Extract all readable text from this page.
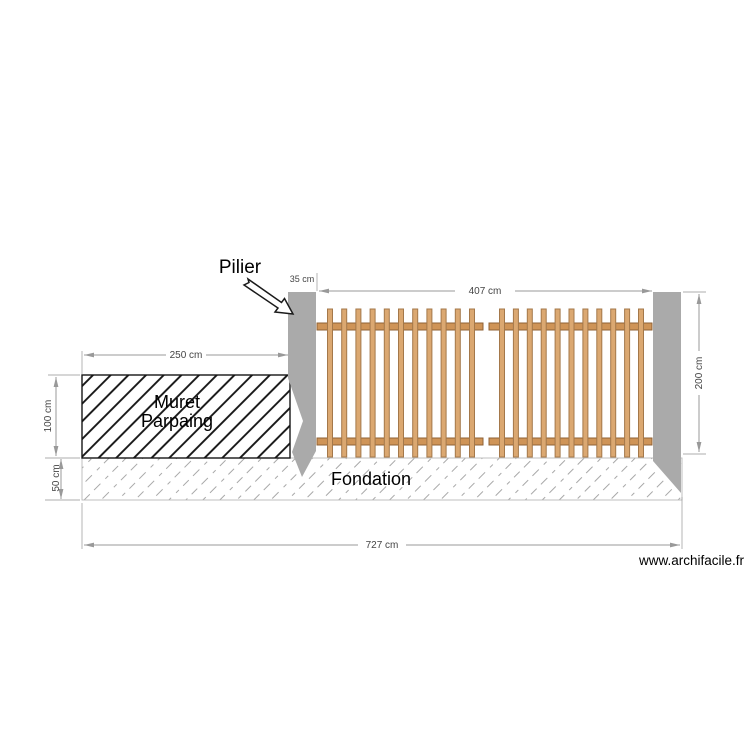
250 cm
100 cm
50 cm
35 cm
407 cm
200 cm
727 cm
Pilier
Muret
Parpaing
Fondation
www.archifacile.fr
